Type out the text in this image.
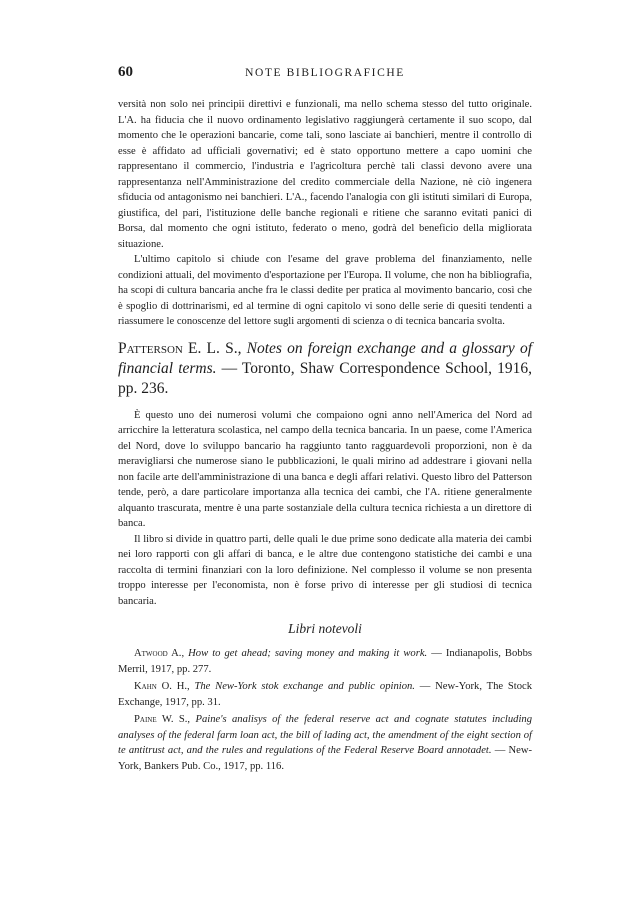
60	NOTE BIBLIOGRAFICHE

versità non solo nei principii direttivi e funzionali, ma nello schema stesso del tutto originale. L'A. ha fiducia che il nuovo ordinamento legislativo raggiungerà certamente il suo scopo, dal momento che le operazioni bancarie, come tali, sono lasciate ai banchieri, mentre il controllo di esse è affidato ad ufficiali governativi; ed è stato opportuno mettere a capo uomini che rappresentano il commercio, l'industria e l'agricoltura perchè tali classi devono avere una rappresentanza nell'Amministrazione del credito commerciale della Nazione, nè ciò ingenera sfiducia od antagonismo nei banchieri. L'A., facendo l'analogia con gli istituti similari di Europa, giustifica, del pari, l'istituzione delle banche regionali e ritiene che saranno evitati panici di Borsa, dal momento che ogni istituto, federato o meno, godrà del beneficio della migliorata situazione.

L'ultimo capitolo si chiude con l'esame del grave problema del finanziamento, nelle condizioni attuali, del movimento d'esportazione per l'Europa. Il volume, che non ha bibliografia, ha scopi di cultura bancaria anche fra le classi dedite per pratica al movimento bancario, così che è spoglio di dottrinarismi, ed al termine di ogni capitolo vi sono delle serie di quesiti tendenti a riassumere le conoscenze del lettore sugli argomenti di scienza o di tecnica bancaria svolta.

Patterson E. L. S., Notes on foreign exchange and a glossary of financial terms. — Toronto, Shaw Correspondence School, 1916, pp. 236.

È questo uno dei numerosi volumi che compaiono ogni anno nell'America del Nord ad arricchire la letteratura scolastica, nel campo della tecnica bancaria. In un paese, come l'America del Nord, dove lo sviluppo bancario ha raggiunto tanto ragguardevoli proporzioni, non è da meravigliarsi che numerose siano le pubblicazioni, le quali mirino ad addestrare i giovani nella non facile arte dell'amministrazione di una banca e degli affari relativi. Questo libro del Patterson tende, però, a dare particolare importanza alla tecnica dei cambi, che l'A. ritiene generalmente alquanto trascurata, mentre è una parte sostanziale della cultura tecnica richiesta a un direttore di banca.

Il libro si divide in quattro parti, delle quali le due prime sono dedicate alla materia dei cambi nei loro rapporti con gli affari di banca, e le altre due contengono statistiche dei cambi e una raccolta di termini finanziari con la loro definizione. Nel complesso il volume se non presenta troppo interesse per l'economista, non è forse privo di interesse per gli studiosi di tecnica bancaria.

Libri notevoli
Atwood A., How to get ahead; saving money and making it work. — Indianapolis, Bobbs Merril, 1917, pp. 277.
Kahn O. H., The New-York stok exchange and public opinion. — New-York, The Stock Exchange, 1917, pp. 31.
Paine W. S., Paine's analisys of the federal reserve act and cognate statutes including analyses of the federal farm loan act, the bill of lading act, the amendment of the eight section of te antitrust act, and the rules and regulations of the Federal Reserve Board annotadet. — New-York, Bankers Pub. Co., 1917, pp. 116.
